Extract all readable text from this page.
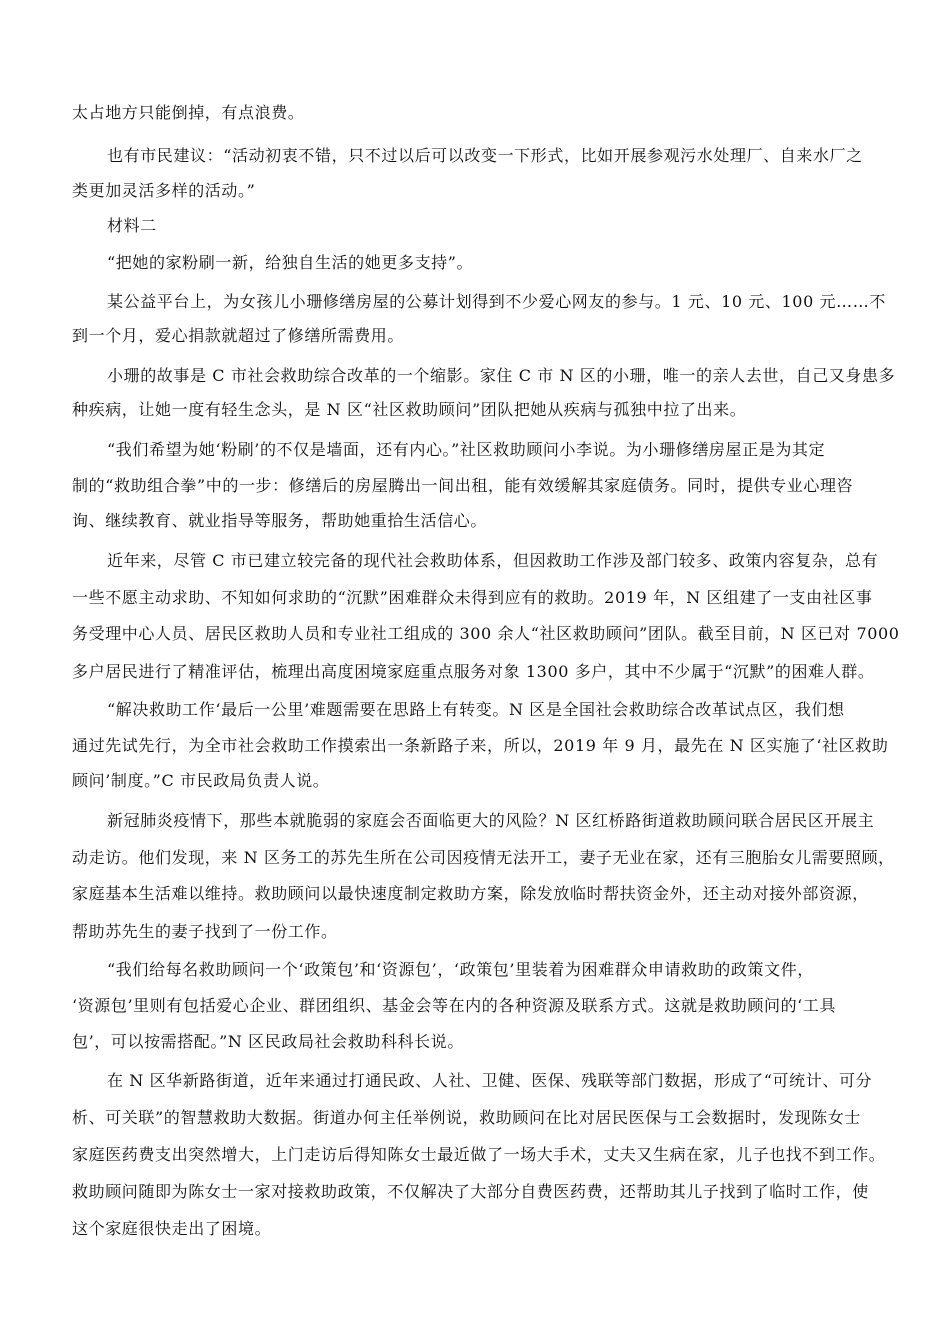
太占地方只能倒掉，有点浪费。
也有市民建议：“活动初衷不错，只不过以后可以改变一下形式，比如开展参观污水处理厂、自来水厂之
类更加灵活多样的活动。”
材料二
“把她的家粉刷一新，给独自生活的她更多支持”。
某公益平台上，为女孩儿小珊修缮房屋的公募计划得到不少爱心网友的参与。1 元、10 元、100 元……不
到一个月，爱心捐款就超过了修缮所需费用。
小珊的故事是 C 市社会救助综合改革的一个缩影。家住 C 市 N 区的小珊，唯一的亲人去世，自己又身患多
种疾病，让她一度有轻生念头，是 N 区“社区救助顾问”团队把她从疾病与孤独中拉了出来。
“我们希望为她‘粉刷’的不仅是墙面，还有内心。”社区救助顾问小李说。为小珊修缮房屋正是为其定
制的“救助组合拳”中的一步：修缮后的房屋腾出一间出租，能有效缓解其家庭债务。同时，提供专业心理咨
询、继续教育、就业指导等服务，帮助她重拾生活信心。
近年来，尽管 C 市已建立较完备的现代社会救助体系，但因救助工作涉及部门较多、政策内容复杂，总有
一些不愿主动求助、不知如何求助的“沉默”困难群众未得到应有的救助。2019 年，N 区组建了一支由社区事
务受理中心人员、居民区救助人员和专业社工组成的 300 余人“社区救助顾问”团队。截至目前，N 区已对 7000
多户居民进行了精准评估，梳理出高度困境家庭重点服务对象 1300 多户，其中不少属于“沉默”的困难人群。
“解决救助工作‘最后一公里’难题需要在思路上有转变。N 区是全国社会救助综合改革试点区，我们想
通过先试先行，为全市社会救助工作摸索出一条新路子来，所以，2019 年 9 月，最先在 N 区实施了‘社区救助
顾问’制度。”C 市民政局负责人说。
新冠肺炎疫情下，那些本就脆弱的家庭会否面临更大的风险？N 区红桥路街道救助顾问联合居民区开展主
动走访。他们发现，来 N 区务工的苏先生所在公司因疫情无法开工，妻子无业在家，还有三胞胎女儿需要照顾，
家庭基本生活难以维持。救助顾问以最快速度制定救助方案，除发放临时帮扶资金外，还主动对接外部资源，
帮助苏先生的妻子找到了一份工作。
“我们给每名救助顾问一个‘政策包’和‘资源包’，‘政策包’里装着为困难群众申请救助的政策文件，
‘资源包’里则有包括爱心企业、群团组织、基金会等在内的各种资源及联系方式。这就是救助顾问的‘工具
包’，可以按需搭配。”N 区民政局社会救助科科长说。
在 N 区华新路街道，近年来通过打通民政、人社、卫健、医保、残联等部门数据，形成了“可统计、可分
析、可关联”的智慧救助大数据。街道办何主任举例说，救助顾问在比对居民医保与工会数据时，发现陈女士
家庭医药费支出突然增大，上门走访后得知陈女士最近做了一场大手术，丈夫又生病在家，儿子也找不到工作。
救助顾问随即为陈女士一家对接救助政策，不仅解决了大部分自费医药费，还帮助其儿子找到了临时工作，使
这个家庭很快走出了困境。
